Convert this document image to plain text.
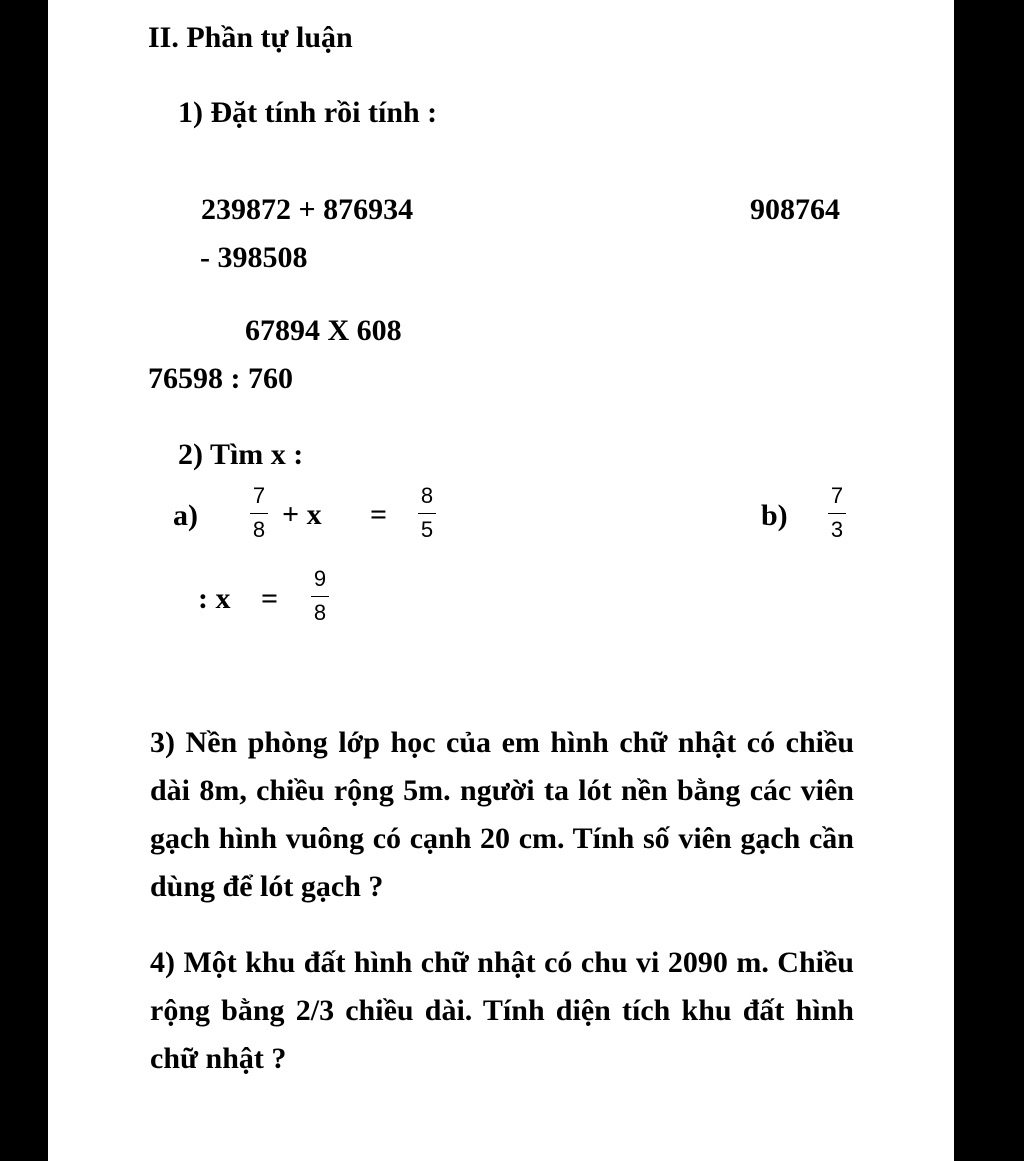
II. Phần tự luận
1) Đặt tính rồi tính :
239872 + 876934	908764
- 398508
67894 X 608
76598 : 760
2) Tìm x :
a)
7
8 + x =
8
5	b)
7
3
: x =
9
8
3) Nền phòng lớp học của em hình chữ nhật có chiều dài 8m, chiều rộng 5m. người ta lót nền bằng các viên gạch hình vuông có cạnh 20 cm. Tính số viên gạch cần dùng để lót gạch ?
4) Một khu đất hình chữ nhật có chu vi 2090 m. Chiều rộng bằng 2/3 chiều dài. Tính diện tích khu đất hình chữ nhật ?
